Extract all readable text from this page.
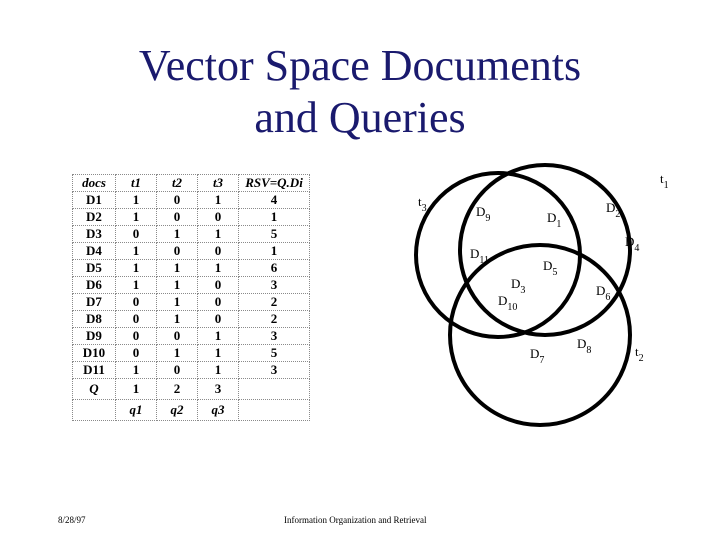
Vector Space Documents
and Queries
docs	t1	t2	t3	RSV=Q.Di
D1	1	0	1	4
D2	1	0	0	1
D3	0	1	1	5
D4	1	0	0	1
D5	1	1	1	6
D6	1	1	0	3
D7	0	1	0	2
D8	0	1	0	2
D9	0	0	1	3
D10	0	1	1	5
D11	1	0	1	3
Q	1	2	3	
	q1	q2	q3	
$t_1$
$t_2$
$t_3$
$D_1$
$D_2$
$D_3$
$D_4$
$D_5$
$D_6$
$D_7$
$D_8$
$D_9$
$D_{10}$
$D_{11}$
8/28/97	Information Organization and Retrieval
